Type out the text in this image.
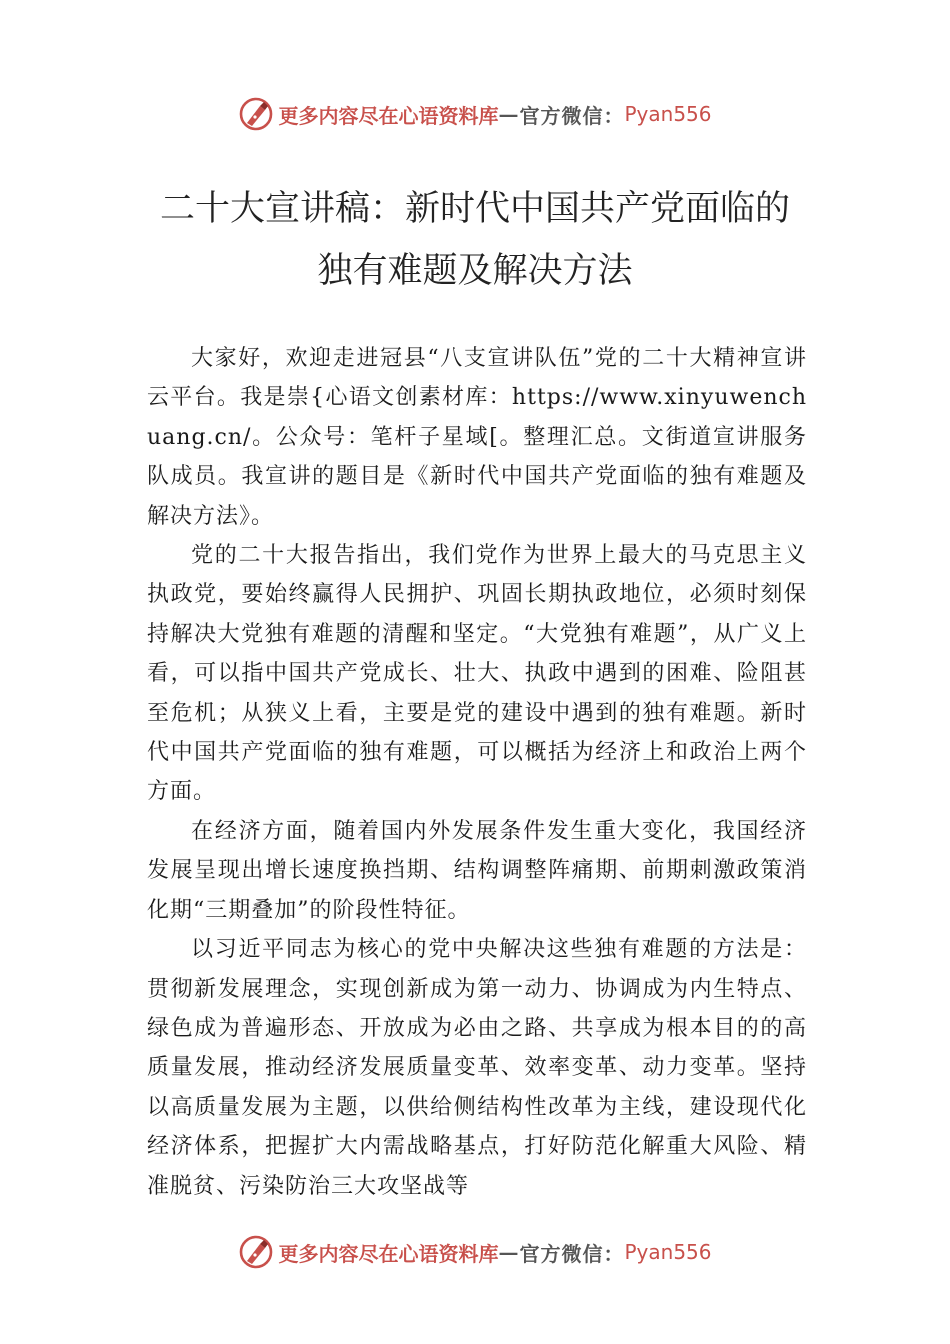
更多内容尽在心语资料库 — 官方微信： Pyan556
二十大宣讲稿：新时代中国共产党面临的
独有难题及解决方法

大家好，欢迎走进冠县“八支宣讲队伍”党的二十大精神宣讲云平台。我是崇{心语文创素材库：https://www.xinyuwenchuang.cn/。公众号：笔杆子星域[。整理汇总。文街道宣讲服务队成员。我宣讲的题目是《新时代中国共产党面临的独有难题及解决方法》。

党的二十大报告指出，我们党作为世界上最大的马克思主义执政党，要始终赢得人民拥护、巩固长期执政地位，必须时刻保持解决大党独有难题的清醒和坚定。“大党独有难题”，从广义上看，可以指中国共产党成长、壮大、执政中遇到的困难、险阻甚至危机；从狭义上看，主要是党的建设中遇到的独有难题。新时代中国共产党面临的独有难题，可以概括为经济上和政治上两个方面。

在经济方面，随着国内外发展条件发生重大变化，我国经济发展呈现出增长速度换挡期、结构调整阵痛期、前期刺激政策消化期“三期叠加”的阶段性特征。

以习近平同志为核心的党中央解决这些独有难题的方法是：贯彻新发展理念，实现创新成为第一动力、协调成为内生特点、绿色成为普遍形态、开放成为必由之路、共享成为根本目的的高质量发展，推动经济发展质量变革、效率变革、动力变革。坚持以高质量发展为主题，以供给侧结构性改革为主线，建设现代化经济体系，把握扩大内需战略基点，打好防范化解重大风险、精准脱贫、污染防治三大攻坚战等

更多内容尽在心语资料库 — 官方微信： Pyan556
